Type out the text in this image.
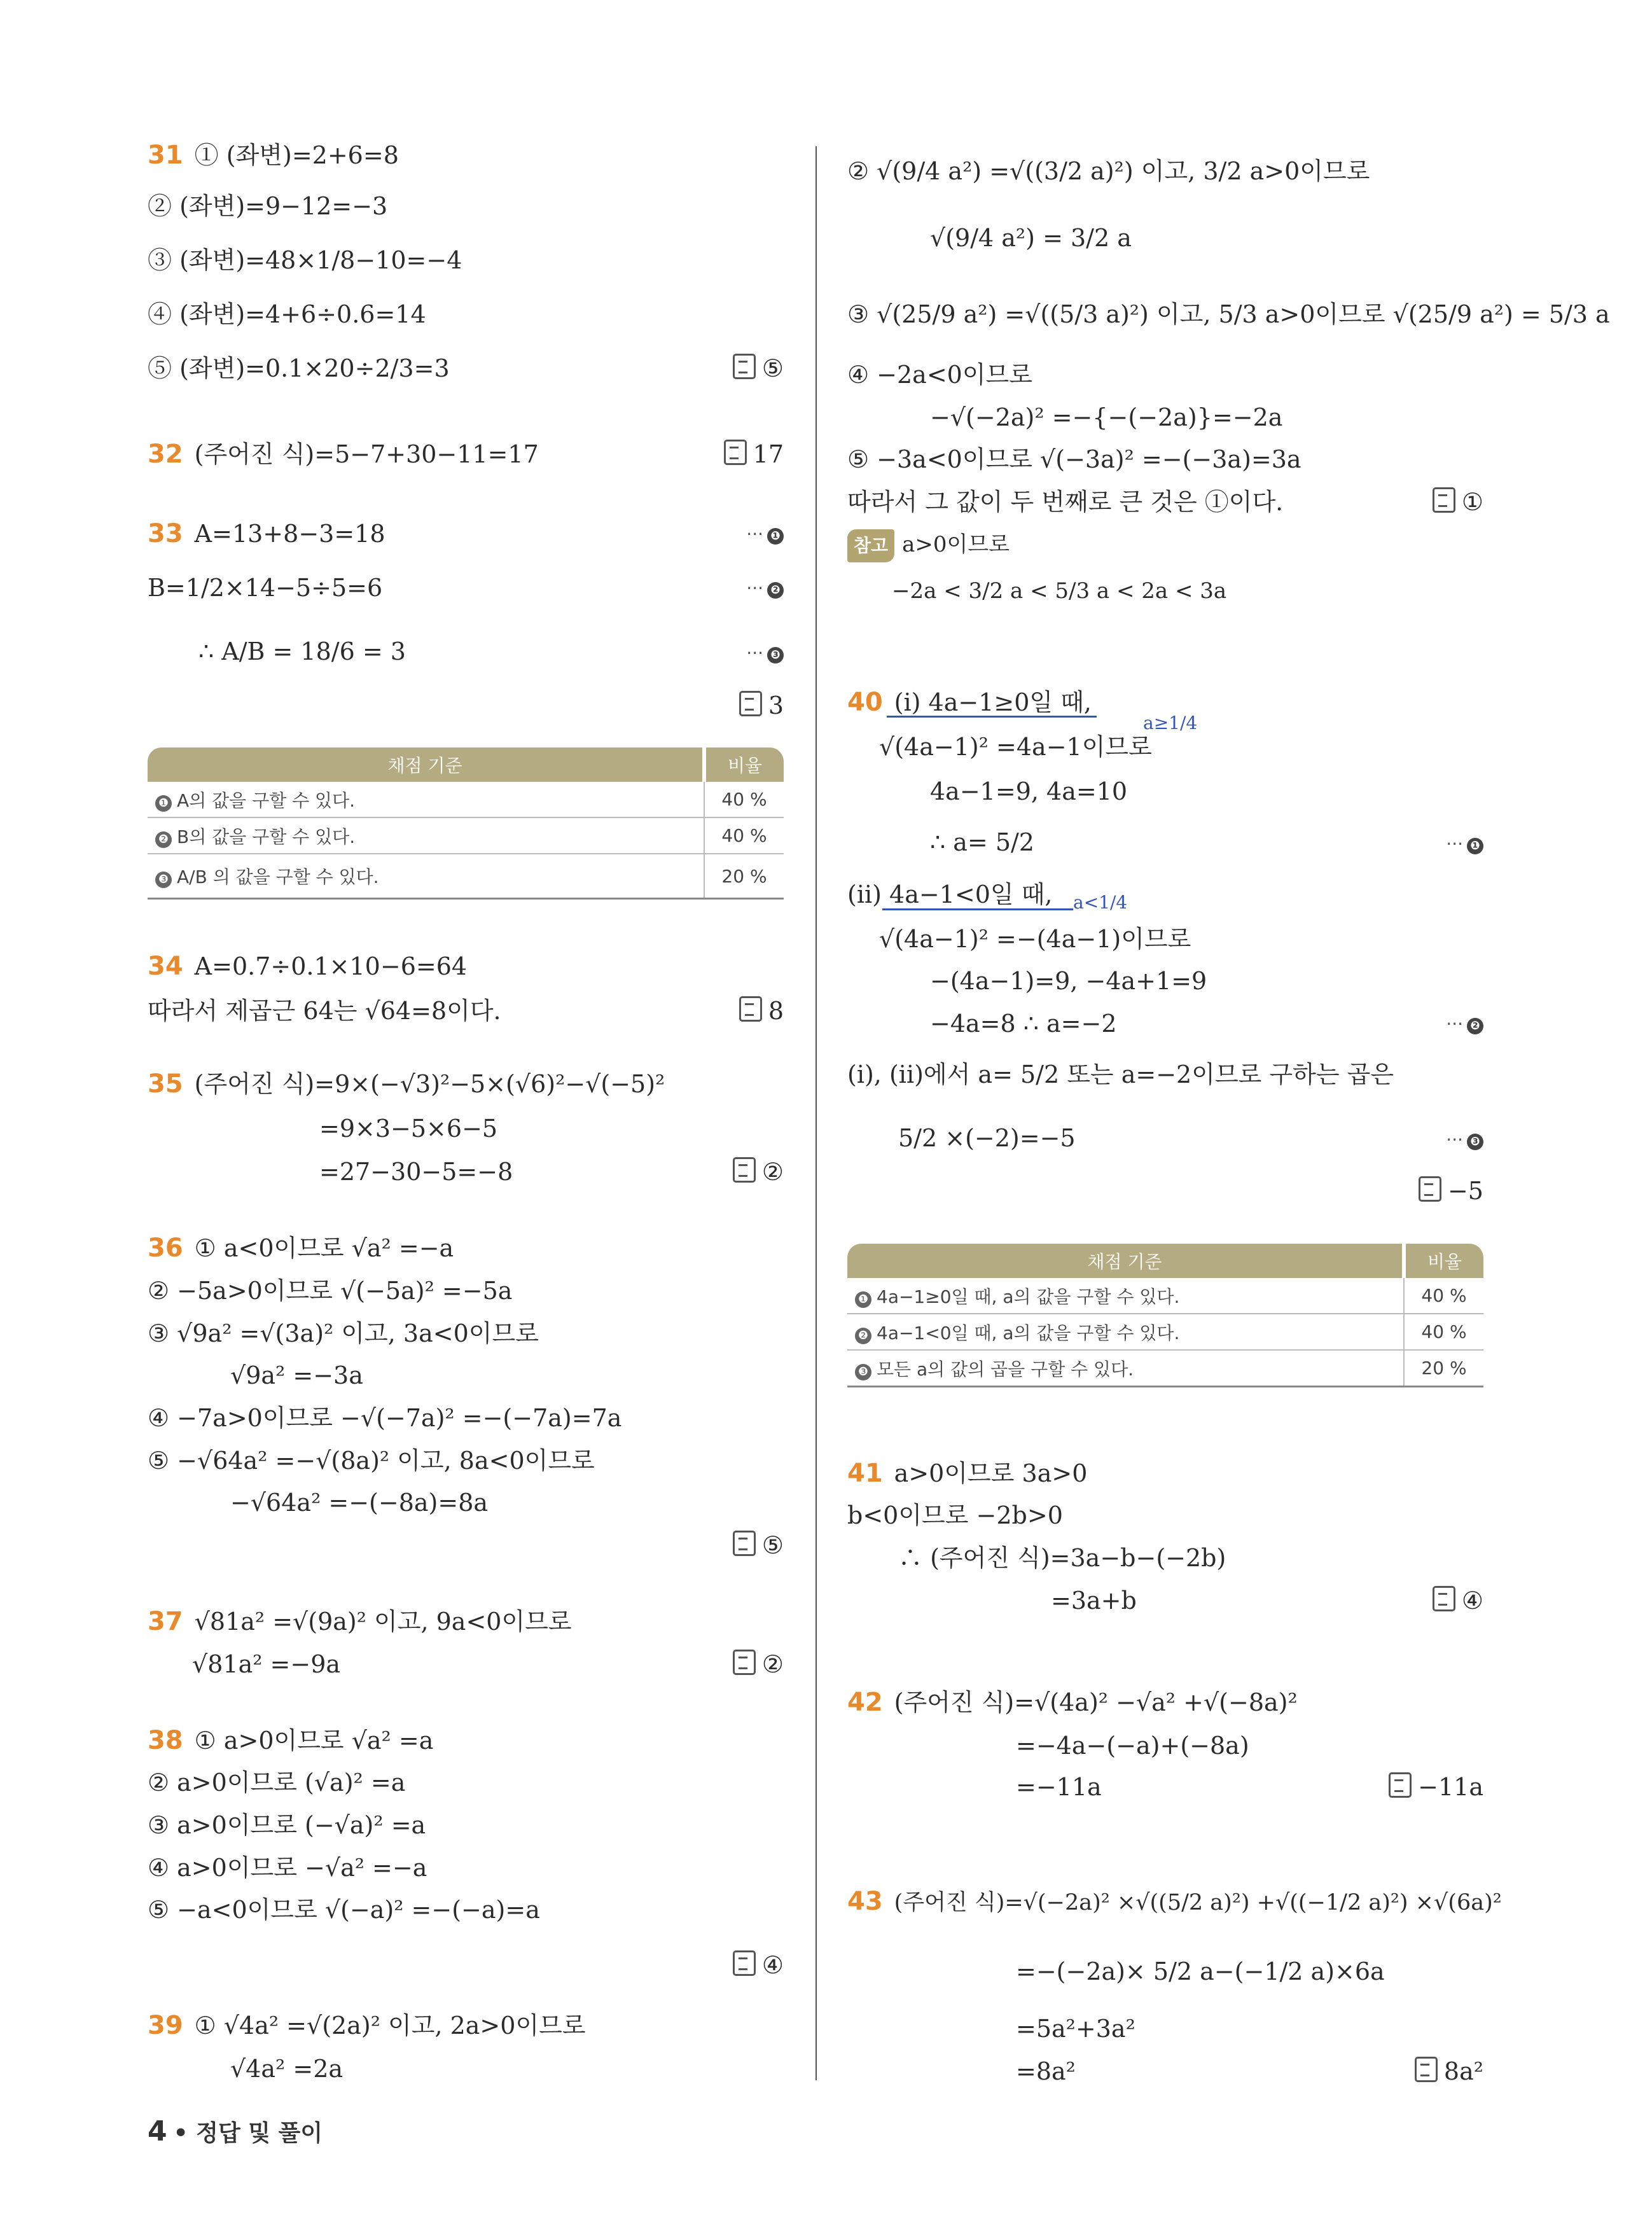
31 ① (좌변)=2+6=8
② (좌변)=9−12=−3
③ (좌변)=48×1/8−10=−4
④ (좌변)=4+6÷0.6=14
⑤ (좌변)=0.1×20÷2/3=3	⑤
32 (주어진 식)=5−7+30−11=17	17
33 A=13+8−3=18	··· ❶
B=1/2×14−5÷5=6	··· ❷
∴ A/B = 18/6 = 3	··· ❸
3
채점 기준	비율
❶ A의 값을 구할 수 있다.	40 %
❷ B의 값을 구할 수 있다.	40 %
❸ A/B 의 값을 구할 수 있다.	20 %
34 A=0.7÷0.1×10−6=64
따라서 제곱근 64는 √64=8이다.	8
35 (주어진 식)=9×(−√3)²−5×(√6)²−√(−5)²
=9×3−5×6−5
=27−30−5=−8	②
36 ① a<0이므로 √a² =−a
② −5a>0이므로 √(−5a)² =−5a
③ √9a² =√(3a)² 이고, 3a<0이므로
√9a² =−3a
④ −7a>0이므로 −√(−7a)² =−(−7a)=7a
⑤ −√64a² =−√(8a)² 이고, 8a<0이므로
−√64a² =−(−8a)=8a
⑤
37 √81a² =√(9a)² 이고, 9a<0이므로
√81a² =−9a	②
38 ① a>0이므로 √a² =a
② a>0이므로 (√a)² =a
③ a>0이므로 (−√a)² =a
④ a>0이므로 −√a² =−a
⑤ −a<0이므로 √(−a)² =−(−a)=a
④
39 ① √4a² =√(2a)² 이고, 2a>0이므로
√4a² =2a
② √(9/4 a²) =√((3/2 a)²) 이고, 3/2 a>0이므로
√(9/4 a²) = 3/2 a
③ √(25/9 a²) =√((5/3 a)²) 이고, 5/3 a>0이므로 √(25/9 a²) = 5/3 a
④ −2a<0이므로
−√(−2a)² =−{−(−2a)}=−2a
⑤ −3a<0이므로 √(−3a)² =−(−3a)=3a
따라서 그 값이 두 번째로 큰 것은 ①이다.	①
참고 a>0이므로
−2a < 3/2 a < 5/3 a < 2a < 3a
40 (i) 4a−1≥0일 때,
a≥1/4
√(4a−1)² =4a−1이므로
4a−1=9, 4a=10
∴ a= 5/2	··· ❶
(ii) 4a−1<0일 때, a<1/4
√(4a−1)² =−(4a−1)이므로
−(4a−1)=9, −4a+1=9
−4a=8 ∴ a=−2	··· ❷
(i), (ii)에서 a= 5/2 또는 a=−2이므로 구하는 곱은
5/2 ×(−2)=−5	··· ❸
−5
채점 기준	비율
❶ 4a−1≥0일 때, a의 값을 구할 수 있다.	40 %
❷ 4a−1<0일 때, a의 값을 구할 수 있다.	40 %
❸ 모든 a의 값의 곱을 구할 수 있다.	20 %
41 a>0이므로 3a>0
b<0이므로 −2b>0
∴ (주어진 식)=3a−b−(−2b)
=3a+b	④
42 (주어진 식)=√(4a)² −√a² +√(−8a)²
=−4a−(−a)+(−8a)
=−11a	−11a
43 (주어진 식)=√(−2a)² ×√((5/2 a)²) +√((−1/2 a)²) ×√(6a)²
=−(−2a)× 5/2 a−(−1/2 a)×6a
=5a²+3a²
=8a²	8a²
4 • 정답 및 풀이
